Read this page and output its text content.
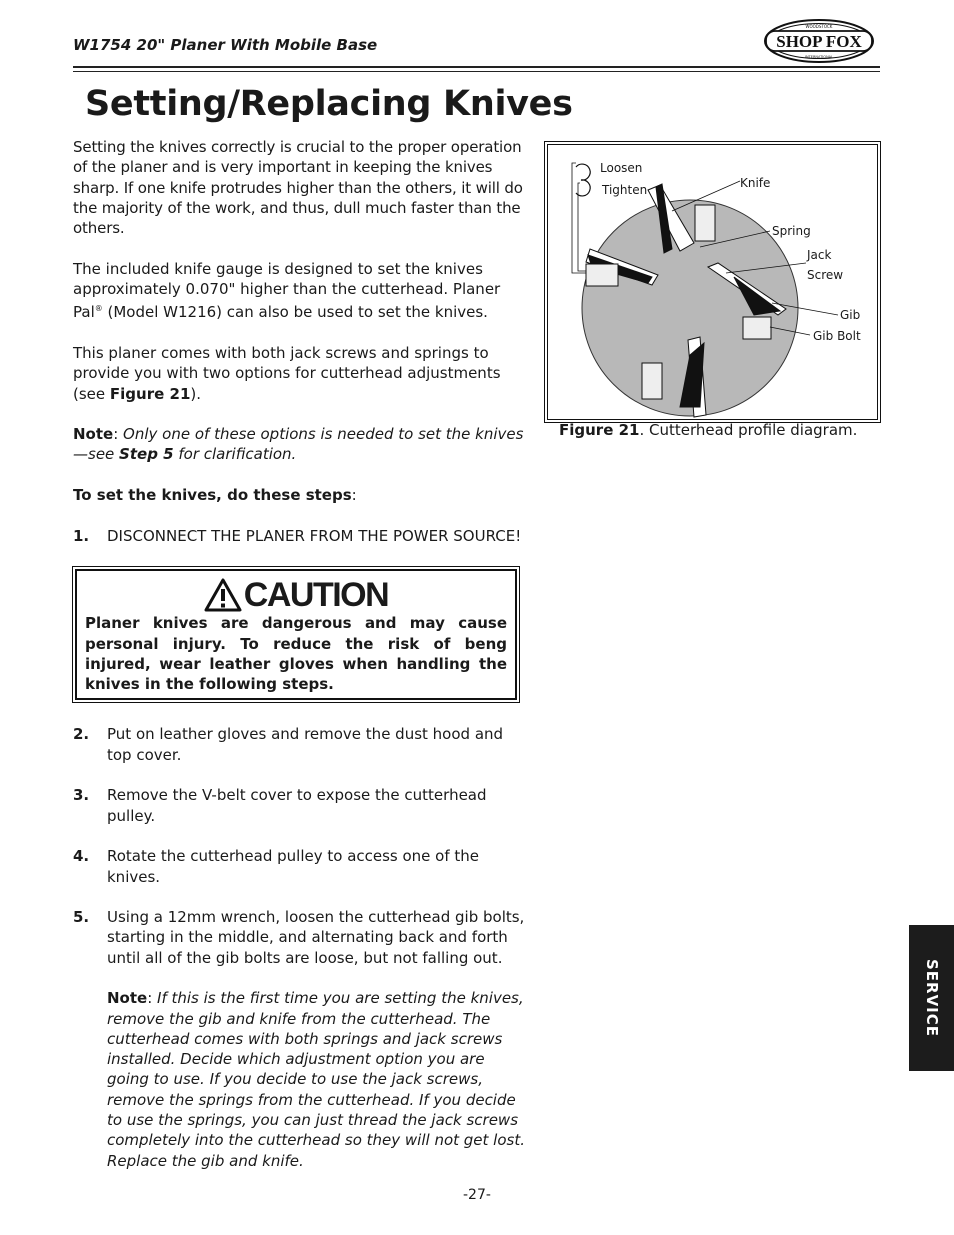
W1754 20" Planer With Mobile Base	SHOP FOX
WOODSTOCK
INTERNATIONAL
Setting/Replacing Knives

Setting the knives correctly is crucial to the proper operation of the planer and is very important in keeping the knives sharp. If one knife protrudes higher than the others, it will do the majority of the work, and thus, dull much faster than the others.

The included knife gauge is designed to set the knives approximately 0.070" higher than the cutterhead. Planer Pal® (Model W1216) can also be used to set the knives.

This planer comes with both jack screws and springs to provide you with two options for cutterhead adjustments (see Figure 21).

Note: Only one of these options is needed to set the knives—see Step 5 for clarification.

To set the knives, do these steps:

1.	DISCONNECT THE PLANER FROM THE POWER SOURCE!
CAUTION
Planer knives are dangerous and may cause personal injury. To reduce the risk of beng injured, wear leather gloves when handling the knives in the following steps.
2.	Put on leather gloves and remove the dust hood and top cover.
3.	Remove the V-belt cover to expose the cutterhead pulley.
4.	Rotate the cutterhead pulley to access one of the knives.
5.	Using a 12mm wrench, loosen the cutterhead gib bolts, starting in the middle, and alternating back and forth until all of the gib bolts are loose, but not falling out.
Note: If this is the first time you are setting the knives, remove the gib and knife from the cutterhead. The cutterhead comes with both springs and jack screws installed. Decide which adjustment option you are going to use. If you decide to use the jack screws, remove the springs from the cutterhead. If you decide to use the springs, you can just thread the jack screws completely into the cutterhead so they will not get lost. Replace the gib and knife.
Loosen
Tighten	Knife
Spring
Jack
Screw
Gib
Gib Bolt
Figure 21. Cutterhead profile diagram.
SERVICE
-27-
